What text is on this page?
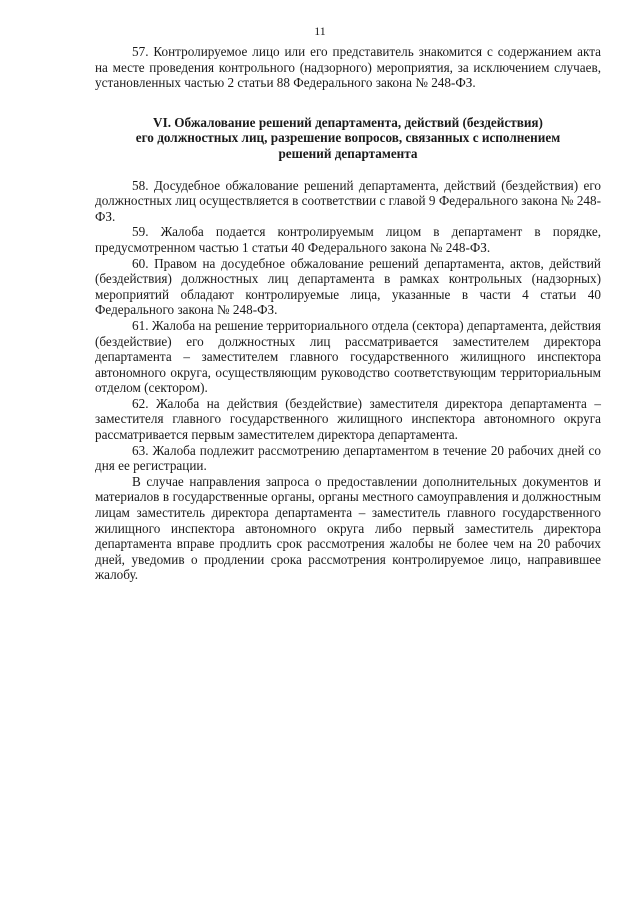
11

57. Контролируемое лицо или его представитель знакомится с содержанием акта на месте проведения контрольного (надзорного) мероприятия, за исключением случаев, установленных частью 2 статьи 88 Федерального закона № 248-ФЗ.

VI. Обжалование решений департамента, действий (бездействия)
его должностных лиц, разрешение вопросов, связанных с исполнением
решений департамента

58. Досудебное обжалование решений департамента, действий (бездействия) его должностных лиц осуществляется в соответствии с главой 9 Федерального закона № 248-ФЗ.

59. Жалоба подается контролируемым лицом в департамент в порядке, предусмотренном частью 1 статьи 40 Федерального закона № 248-ФЗ.

60. Правом на досудебное обжалование решений департамента, актов, действий (бездействия) должностных лиц департамента в рамках контрольных (надзорных) мероприятий обладают контролируемые лица, указанные в части 4 статьи 40 Федерального закона № 248-ФЗ.

61. Жалоба на решение территориального отдела (сектора) департамента, действия (бездействие) его должностных лиц рассматривается заместителем директора департамента – заместителем главного государственного жилищного инспектора автономного округа, осуществляющим руководство соответствующим территориальным отделом (сектором).

62. Жалоба на действия (бездействие) заместителя директора департамента – заместителя главного государственного жилищного инспектора автономного округа рассматривается первым заместителем директора департамента.

63. Жалоба подлежит рассмотрению департаментом в течение 20 рабочих дней со дня ее регистрации.

В случае направления запроса о предоставлении дополнительных документов и материалов в государственные органы, органы местного самоуправления и должностным лицам заместитель директора департамента – заместитель главного государственного жилищного инспектора автономного округа либо первый заместитель директора департамента вправе продлить срок рассмотрения жалобы не более чем на 20 рабочих дней, уведомив о продлении срока рассмотрения контролируемое лицо, направившее жалобу.
